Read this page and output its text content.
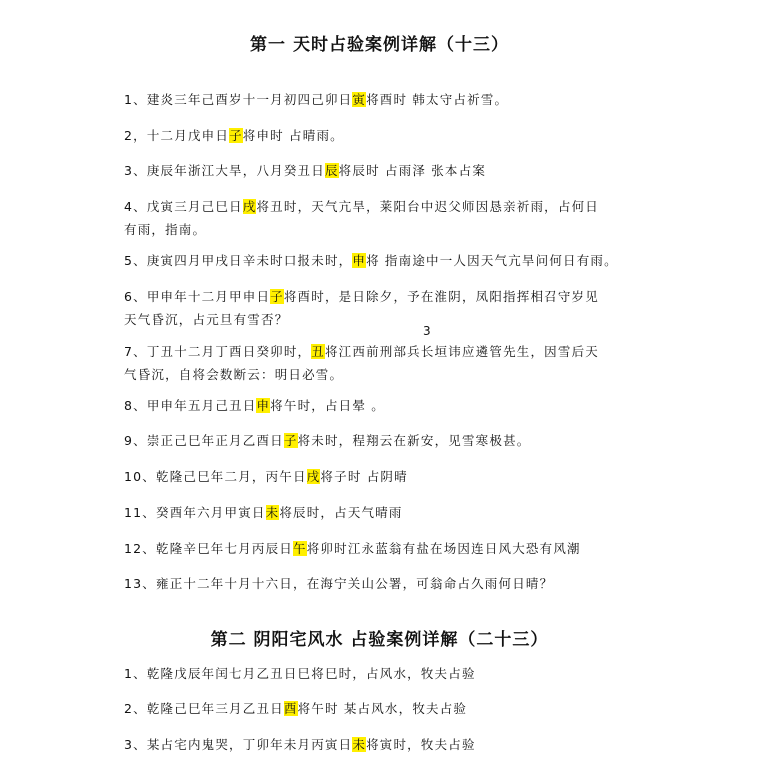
第一 天时占验案例详解（十三）
1、建炎三年己酉岁十一月初四己卯日寅将酉时 韩太守占祈雪。
2，十二月戊申日子将申时 占晴雨。
3、庚辰年浙江大旱，八月癸丑日辰将辰时 占雨泽 张本占案
4、戊寅三月己巳日戌将丑时，天气亢旱，莱阳台中迟父师因恳亲祈雨，占何日
有雨，指南。
5、庚寅四月甲戌日辛未时口报未时，申将 指南途中一人因天气亢旱问何日有雨。
6、甲申年十二月甲申日子将酉时，是日除夕，予在淮阴，凤阳指挥相召守岁见
天气昏沉，占元旦有雪否？
3
7、丁丑十二月丁酉日癸卯时，丑将江西前刑部兵长垣讳应遴管先生，因雪后天
气昏沉，自将会数断云：明日必雪。
8、甲申年五月己丑日申将午时，占日晕 。
9、崇正己巳年正月乙酉日子将未时，程翔云在新安，见雪寒极甚。
10、乾隆己巳年二月，丙午日戌将子时 占阴晴
11、癸酉年六月甲寅日未将辰时，占天气晴雨
12、乾隆辛巳年七月丙辰日午将卯时江永蓝翁有盐在场因连日风大恐有风潮
13、雍正十二年十月十六日，在海宁关山公署，可翁命占久雨何日晴？
第二 阴阳宅风水 占验案例详解（二十三）
1、乾隆戊辰年闰七月乙丑日巳将巳时，占风水，牧夫占验
2、乾隆己巳年三月乙丑日酉将午时 某占风水，牧夫占验
3、某占宅内鬼哭，丁卯年未月丙寅日未将寅时，牧夫占验
